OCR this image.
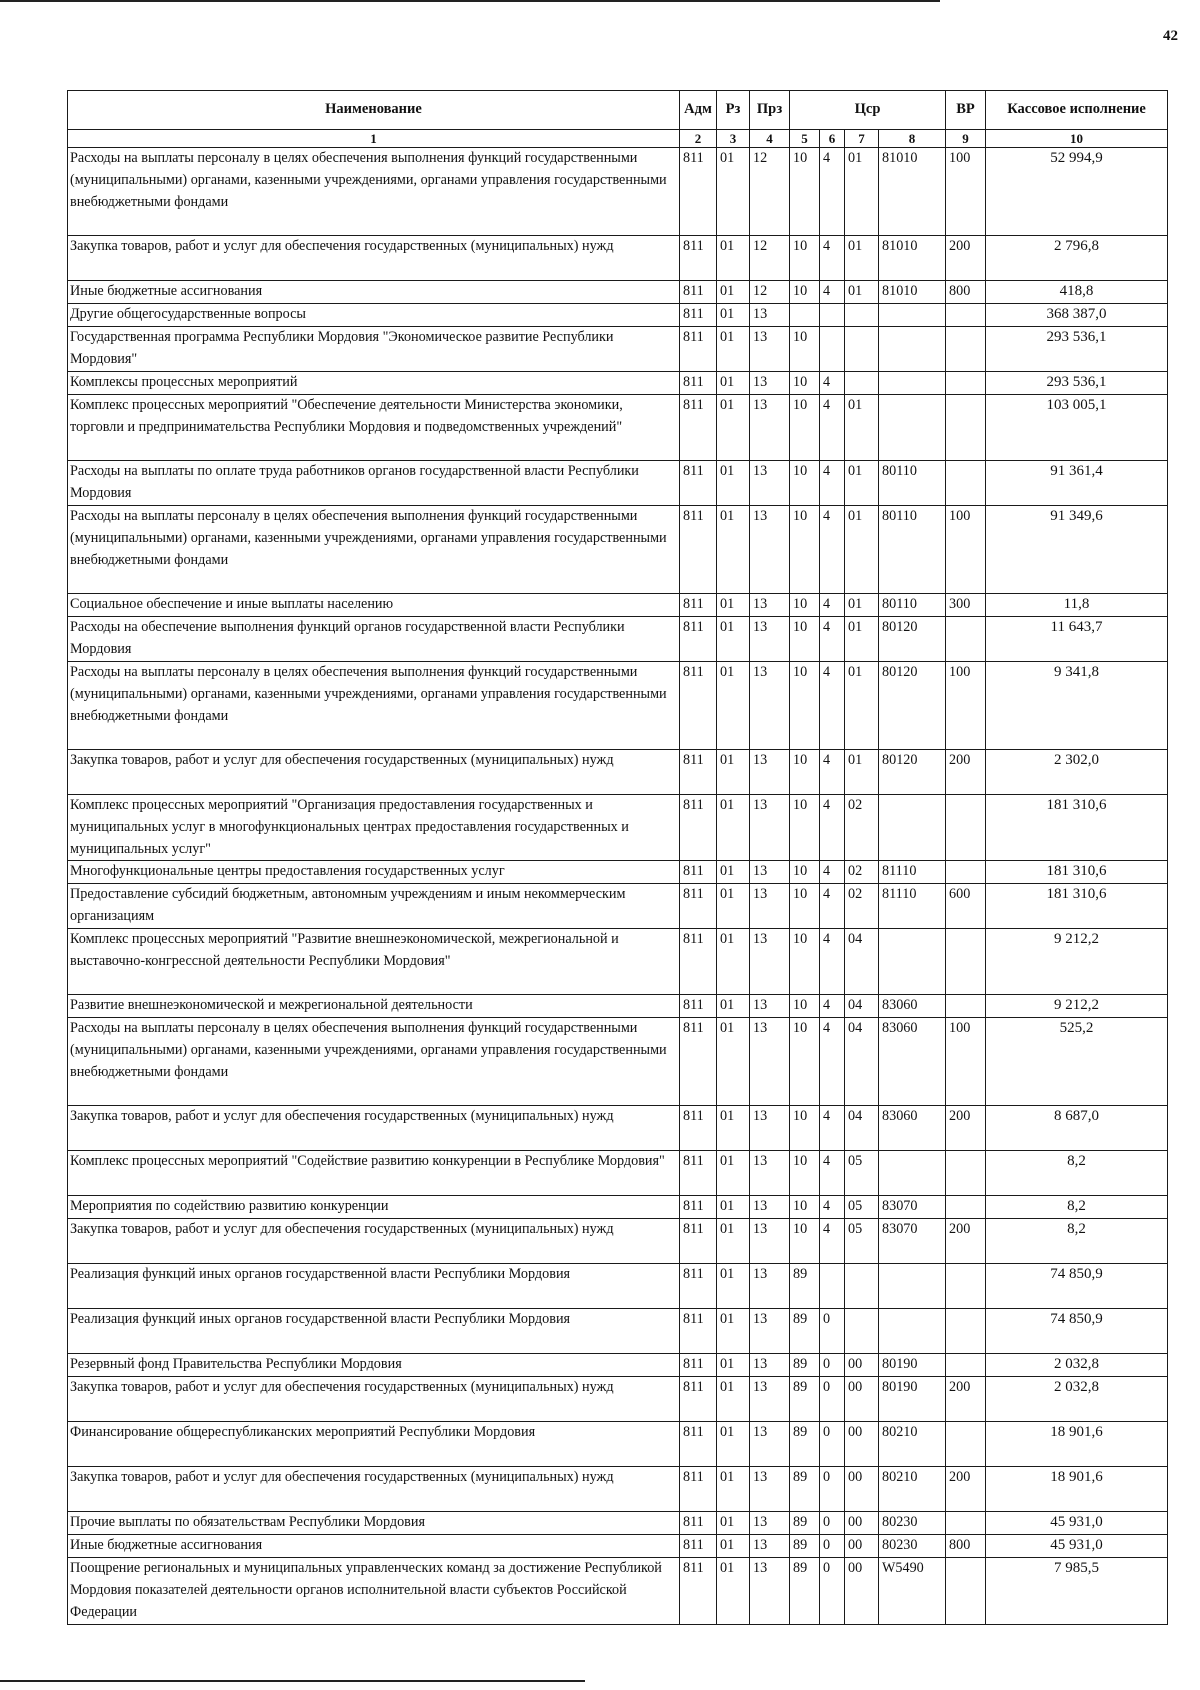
42
Наименование	Адм	Рз	Прз	Цср				ВР	Кассовое исполнение
1	2	3	4	5	6	7	8	9	10
Расходы на выплаты персоналу в целях обеспечения выполнения функций государственными (муниципальными) органами, казенными учреждениями, органами управления государственными внебюджетными фондами	811	01	12	10	4	01	81010	100	52 994,9
Закупка товаров, работ и услуг для обеспечения государственных (муниципальных) нужд	811	01	12	10	4	01	81010	200	2 796,8
Иные бюджетные ассигнования	811	01	12	10	4	01	81010	800	418,8
Другие общегосударственные вопросы	811	01	13						368 387,0
Государственная программа Республики Мордовия "Экономическое развитие Республики Мордовия"	811	01	13	10					293 536,1
Комплексы процессных мероприятий	811	01	13	10	4				293 536,1
Комплекс процессных мероприятий "Обеспечение деятельности Министерства экономики, торговли и предпринимательства Республики Мордовия и подведомственных учреждений"	811	01	13	10	4	01			103 005,1
Расходы на выплаты по оплате труда работников органов государственной власти Республики Мордовия	811	01	13	10	4	01	80110		91 361,4
Расходы на выплаты персоналу в целях обеспечения выполнения функций государственными (муниципальными) органами, казенными учреждениями, органами управления государственными внебюджетными фондами	811	01	13	10	4	01	80110	100	91 349,6
Социальное обеспечение и иные выплаты населению	811	01	13	10	4	01	80110	300	11,8
Расходы на обеспечение выполнения функций органов государственной власти Республики Мордовия	811	01	13	10	4	01	80120		11 643,7
Расходы на выплаты персоналу в целях обеспечения выполнения функций государственными (муниципальными) органами, казенными учреждениями, органами управления государственными внебюджетными фондами	811	01	13	10	4	01	80120	100	9 341,8
Закупка товаров, работ и услуг для обеспечения государственных (муниципальных) нужд	811	01	13	10	4	01	80120	200	2 302,0
Комплекс процессных мероприятий "Организация предоставления государственных и муниципальных услуг в многофункциональных центрах предоставления государственных и муниципальных услуг"	811	01	13	10	4	02			181 310,6
Многофункциональные центры предоставления государственных услуг	811	01	13	10	4	02	81110		181 310,6
Предоставление субсидий бюджетным, автономным учреждениям и иным некоммерческим организациям	811	01	13	10	4	02	81110	600	181 310,6
Комплекс процессных мероприятий "Развитие внешнеэкономической, межрегиональной и выставочно-конгрессной деятельности Республики Мордовия"	811	01	13	10	4	04			9 212,2
Развитие внешнеэкономической и межрегиональной деятельности	811	01	13	10	4	04	83060		9 212,2
Расходы на выплаты персоналу в целях обеспечения выполнения функций государственными (муниципальными) органами, казенными учреждениями, органами управления государственными внебюджетными фондами	811	01	13	10	4	04	83060	100	525,2
Закупка товаров, работ и услуг для обеспечения государственных (муниципальных) нужд	811	01	13	10	4	04	83060	200	8 687,0
Комплекс процессных мероприятий "Содействие развитию конкуренции в Республике Мордовия"	811	01	13	10	4	05			8,2
Мероприятия по содействию развитию конкуренции	811	01	13	10	4	05	83070		8,2
Закупка товаров, работ и услуг для обеспечения государственных (муниципальных) нужд	811	01	13	10	4	05	83070	200	8,2
Реализация функций иных органов государственной власти Республики Мордовия	811	01	13	89					74 850,9
Реализация функций иных органов государственной власти Республики Мордовия	811	01	13	89	0				74 850,9
Резервный фонд Правительства Республики Мордовия	811	01	13	89	0	00	80190		2 032,8
Закупка товаров, работ и услуг для обеспечения государственных (муниципальных) нужд	811	01	13	89	0	00	80190	200	2 032,8
Финансирование общереспубликанских мероприятий Республики Мордовия	811	01	13	89	0	00	80210		18 901,6
Закупка товаров, работ и услуг для обеспечения государственных (муниципальных) нужд	811	01	13	89	0	00	80210	200	18 901,6
Прочие выплаты по обязательствам Республики Мордовия	811	01	13	89	0	00	80230		45 931,0
Иные бюджетные ассигнования	811	01	13	89	0	00	80230	800	45 931,0
Поощрение региональных и муниципальных управленческих команд за достижение Республикой Мордовия показателей деятельности органов исполнительной власти субъектов Российской Федерации	811	01	13	89	0	00	W5490		7 985,5
